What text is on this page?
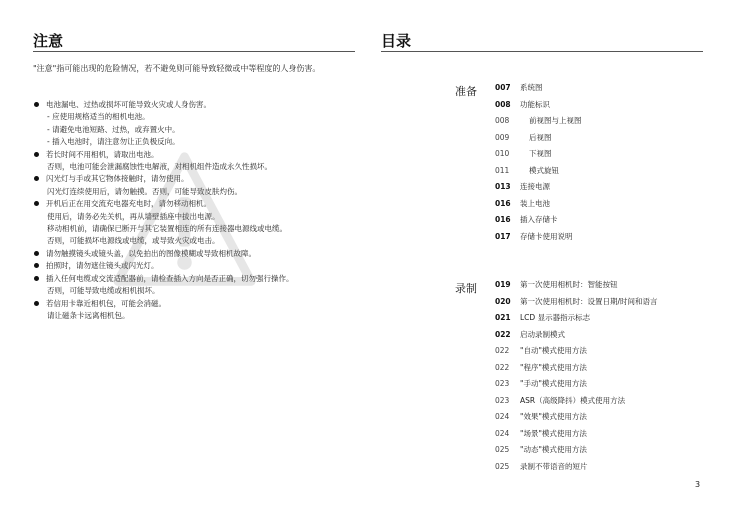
注意	目录
"注意"指可能出现的危险情况，若不避免则可能导致轻微或中等程度的人身伤害。
电池漏电、过热或损坏可能导致火灾或人身伤害。
- 应使用规格适当的相机电池。
- 请避免电池短路、过热，或弃置火中。
- 插入电池时，请注意勿让正负极反向。
若长时间不用相机，请取出电池。
否则，电池可能会泄漏腐蚀性电解液，对相机组件造成永久性损坏。
闪光灯与手或其它物体接触时，请勿使用。
闪光灯连续使用后，请勿触摸。否则，可能导致皮肤灼伤。
开机后正在用交流充电器充电时，请勿移动相机。
使用后，请务必先关机，再从墙壁插座中拔出电源。
移动相机前，请确保已断开与其它装置相连的所有连接器电源线或电缆。
否则，可能损坏电源线或电缆，或导致火灾或电击。
请勿触摸镜头或镜头盖，以免拍出的图像模糊或导致相机故障。
拍照时，请勿遮住镜头或闪光灯。
插入任何电缆或交流适配器前，请检查插入方向是否正确，切勿强行操作。
否则，可能导致电缆或相机损坏。
若信用卡靠近相机包，可能会消磁。
请让磁条卡远离相机包。
准备 007 系统图
008 功能标识
008	前视图与上视图
009	后视图
010	下视图
011	模式旋钮
013 连接电源
016 装上电池
016 插入存储卡
017 存储卡使用说明
录制 019 第一次使用相机时：智能按钮
020 第一次使用相机时：设置日期/时间和语言
021 LCD 显示器指示标志
022 启动录制模式
022 "自动"模式使用方法
022 "程序"模式使用方法
023 "手动"模式使用方法
023 ASR（高级降抖）模式使用方法
024 "效果"模式使用方法
024 "场景"模式使用方法
025 "动态"模式使用方法
025 录制不带语音的短片
3
